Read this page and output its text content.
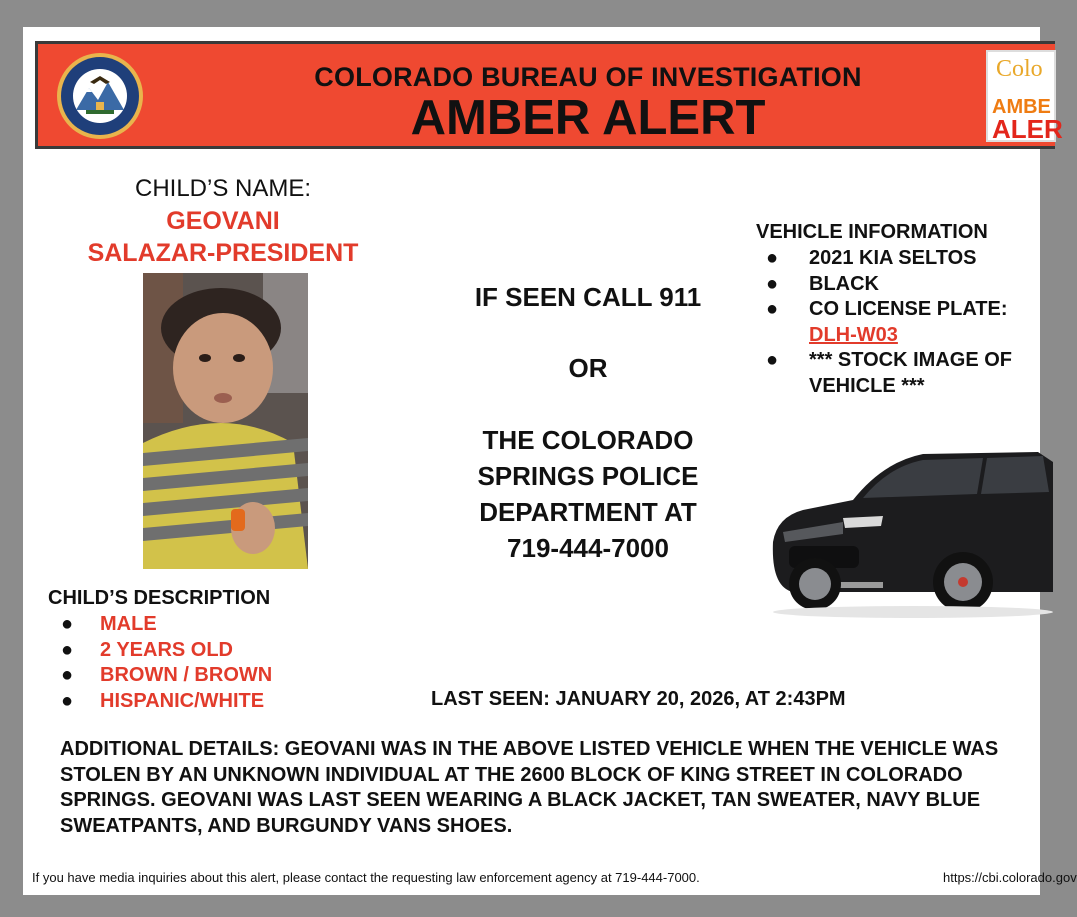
COLORADO BUREAU OF INVESTIGATION
AMBER ALERT
Colo
AMBE
ALER
CHILD’S NAME:
GEOVANI
SALAZAR-PRESIDENT
IF SEEN CALL 911
OR
THE COLORADO
SPRINGS POLICE
DEPARTMENT AT
719-444-7000
VEHICLE INFORMATION
● 2021 KIA SELTOS
● BLACK
● CO LICENSE PLATE:
DLH-W03
● *** STOCK IMAGE OF
VEHICLE ***
CHILD’S DESCRIPTION
● MALE
● 2 YEARS OLD
● BROWN / BROWN
● HISPANIC/WHITE	LAST SEEN: JANUARY 20, 2026, AT 2:43PM
ADDITIONAL DETAILS: GEOVANI WAS IN THE ABOVE LISTED VEHICLE WHEN THE VEHICLE WAS
STOLEN BY AN UNKNOWN INDIVIDUAL AT THE 2600 BLOCK OF KING STREET IN COLORADO
SPRINGS. GEOVANI WAS LAST SEEN WEARING A BLACK JACKET, TAN SWEATER, NAVY BLUE
SWEATPANTS, AND BURGUNDY VANS SHOES.
If you have media inquiries about this alert, please contact the requesting law enforcement agency at 719-444-7000.	https://cbi.colorado.gov
